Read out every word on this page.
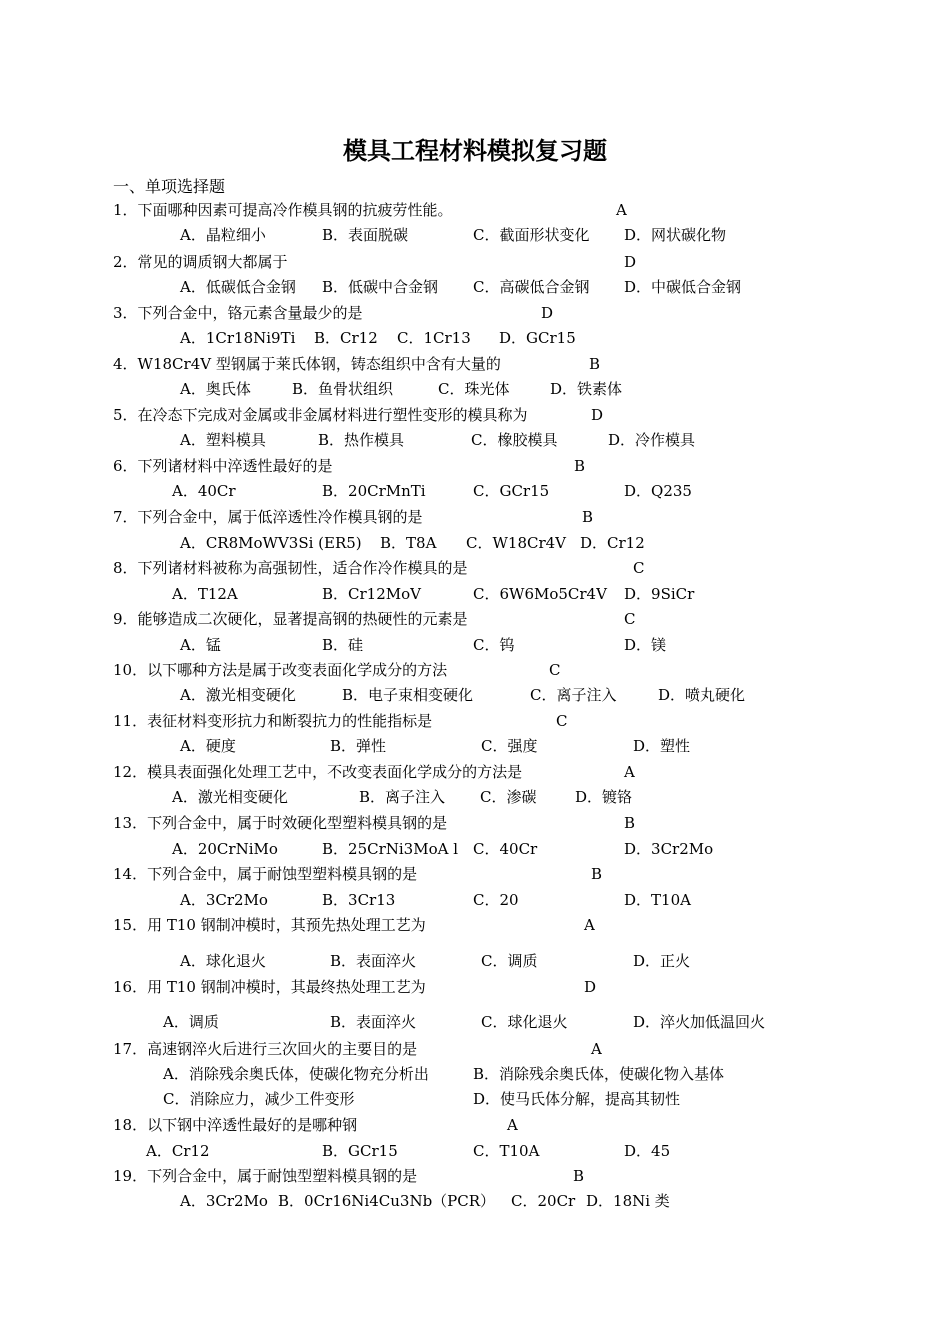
模具工程材料模拟复习题
一、单项选择题
1．下面哪种因素可提高冷作模具钢的抗疲劳性能。	A
A．晶粒细小	B．表面脱碳	C．截面形状变化 D．网状碳化物
2．常见的调质钢大都属于	D
A．低碳低合金钢 B．低碳中合金钢 C．高碳低合金钢 D．中碳低合金钢
3．下列合金中，铬元素含量最少的是	D
A．1Cr18Ni9Ti B．Cr12 C．1Cr13 D．GCr15
4．W18Cr4V 型钢属于莱氏体钢，铸态组织中含有大量的	B
A．奥氏体	B．鱼骨状组织	C．珠光体	D．铁素体
5．在冷态下完成对金属或非金属材料进行塑性变形的模具称为	D
A．塑料模具	B．热作模具	C．橡胶模具	D．冷作模具
6．下列诸材料中淬透性最好的是	B
A．40Cr	B．20CrMnTi	C．GCr15	D．Q235
7．下列合金中，属于低淬透性冷作模具钢的是	B
A．CR8MoWV3Si (ER5) B．T8A C．W18Cr4V D．Cr12
8．下列诸材料被称为高强韧性，适合作冷作模具的是	C
A．T12A	B．Cr12MoV	C．6W6Mo5Cr4V D．9SiCr
9．能够造成二次硬化，显著提高钢的热硬性的元素是	C
A．锰	B．硅	C．钨	D．镁
10．以下哪种方法是属于改变表面化学成分的方法	C
A．激光相变硬化	B．电子束相变硬化	C．离子注入	D．喷丸硬化
11．表征材料变形抗力和断裂抗力的性能指标是	C
A．硬度	B．弹性	C．强度	D．塑性
12．模具表面强化处理工艺中，不改变表面化学成分的方法是	A
A．激光相变硬化	B．离子注入 C．渗碳	D．镀铬
13．下列合金中，属于时效硬化型塑料模具钢的是	B
A．20CrNiMo	B．25CrNi3MoA l C．40Cr	D．3Cr2Mo
14．下列合金中，属于耐蚀型塑料模具钢的是	B
A．3Cr2Mo	B．3Cr13	C．20	D．T10A
15．用 T10 钢制冲模时，其预先热处理工艺为	A
A．球化退火	B．表面淬火	C．调质	D．正火
16．用 T10 钢制冲模时，其最终热处理工艺为	D
A．调质	B．表面淬火	C．球化退火	D．淬火加低温回火
17．高速钢淬火后进行三次回火的主要目的是	A
A．消除残余奥氏体，使碳化物充分析出	B．消除残余奥氏体，使碳化物入基体
C．消除应力，减少工件变形	D．使马氏体分解，提高其韧性
18．以下钢中淬透性最好的是哪种钢	A
A．Cr12	B．GCr15	C．T10A	D．45
19．下列合金中，属于耐蚀型塑料模具钢的是	B
A．3Cr2Mo B．0Cr16Ni4Cu3Nb（PCR） C．20Cr D．18Ni 类
